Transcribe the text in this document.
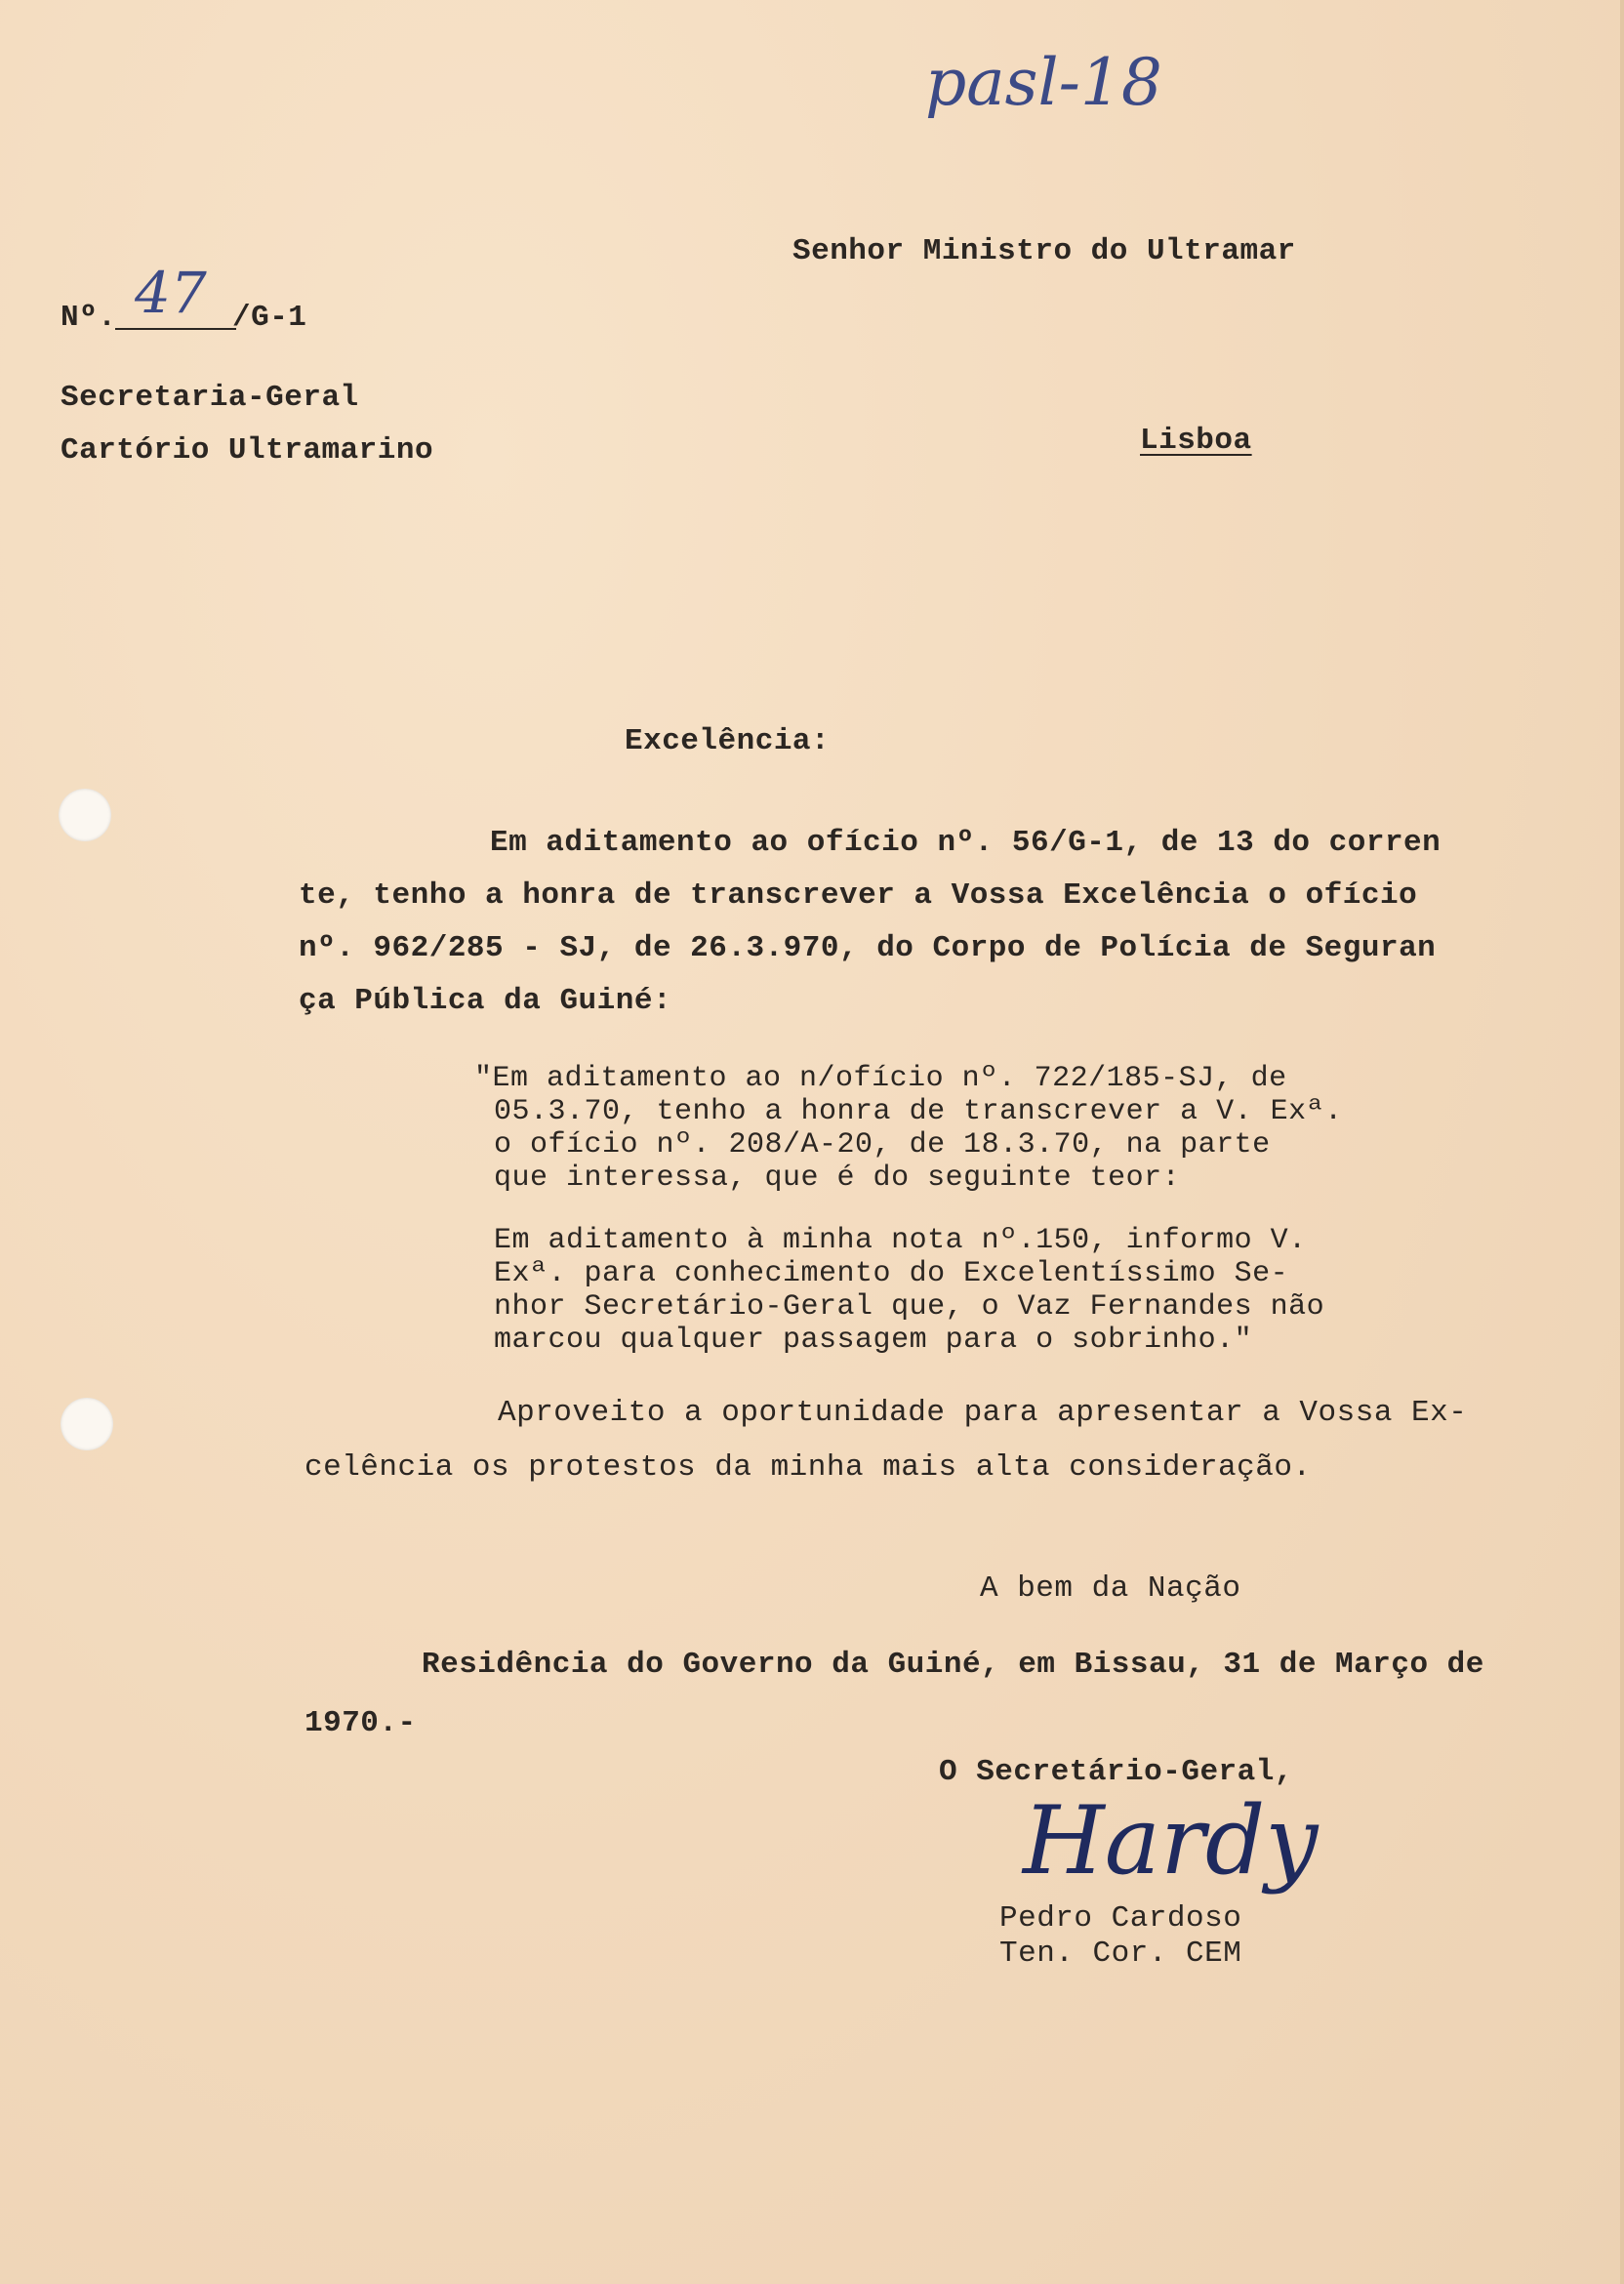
pasl-18
Senhor Ministro do Ultramar
Nº. 47 /G-1
Secretaria-Geral
Cartório Ultramarino	Lisboa
Excelência:
Em aditamento ao ofício nº. 56/G-1, de 13 do corren
te, tenho a honra de transcrever a Vossa Excelência o ofício
nº. 962/285 - SJ, de 26.3.970, do Corpo de Polícia de Seguran
ça Pública da Guiné:
"Em aditamento ao n/ofício nº. 722/185-SJ, de
05.3.70, tenho a honra de transcrever a V. Exª.
o ofício nº. 208/A-20, de 18.3.70, na parte
que interessa, que é do seguinte teor:
Em aditamento à minha nota nº.150, informo V.
Exª. para conhecimento do Excelentíssimo Se-
nhor Secretário-Geral que, o Vaz Fernandes não
marcou qualquer passagem para o sobrinho."
Aproveito a oportunidade para apresentar a Vossa Ex-
celência os protestos da minha mais alta consideração.
A bem da Nação
Residência do Governo da Guiné, em Bissau, 31 de Março de
1970.-
O Secretário-Geral,
Hardy
Pedro Cardoso
Ten. Cor. CEM
